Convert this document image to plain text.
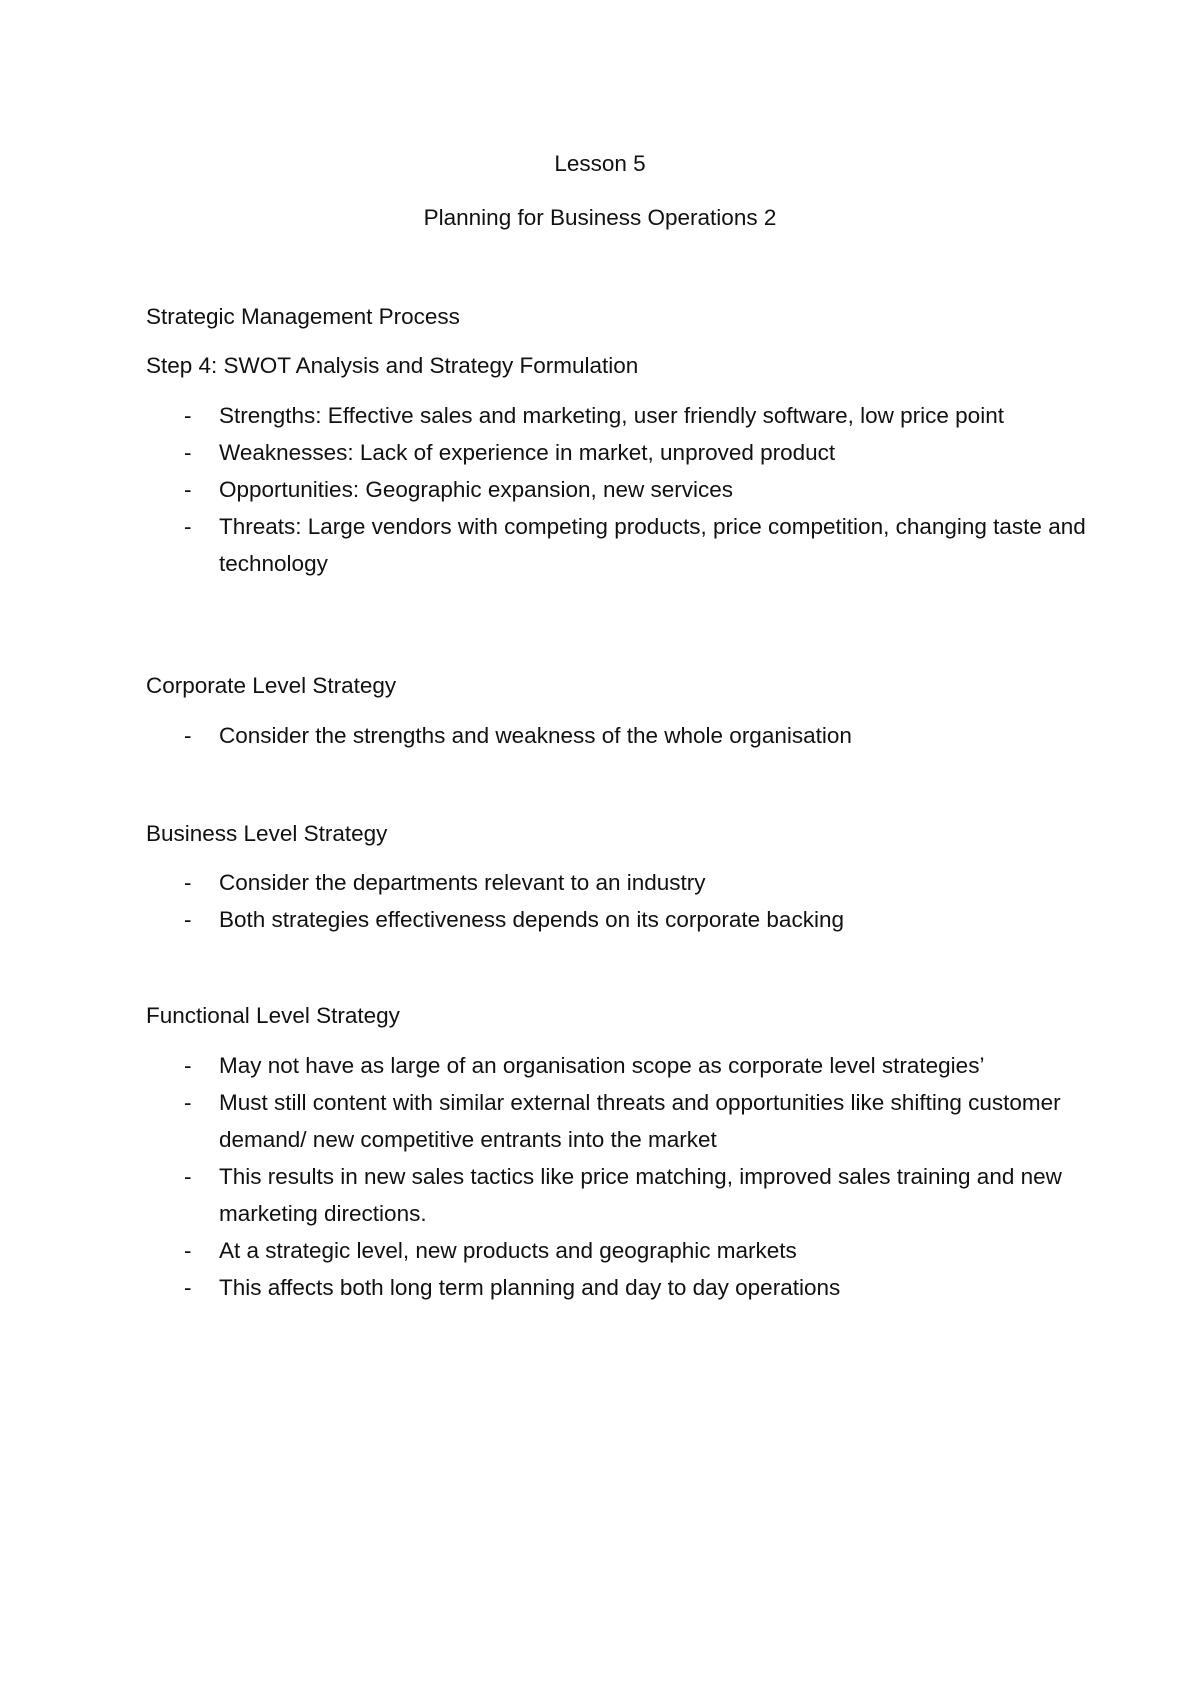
Lesson 5
Planning for Business Operations 2
Strategic Management Process
Step 4: SWOT Analysis and Strategy Formulation
- Strengths: Effective sales and marketing, user friendly software, low price point
- Weaknesses: Lack of experience in market, unproved product
- Opportunities: Geographic expansion, new services
- Threats: Large vendors with competing products, price competition, changing taste and technology
Corporate Level Strategy
- Consider the strengths and weakness of the whole organisation
Business Level Strategy
- Consider the departments relevant to an industry
- Both strategies effectiveness depends on its corporate backing
Functional Level Strategy
- May not have as large of an organisation scope as corporate level strategies’
- Must still content with similar external threats and opportunities like shifting customer demand/ new competitive entrants into the market
- This results in new sales tactics like price matching, improved sales training and new marketing directions.
- At a strategic level, new products and geographic markets
- This affects both long term planning and day to day operations
